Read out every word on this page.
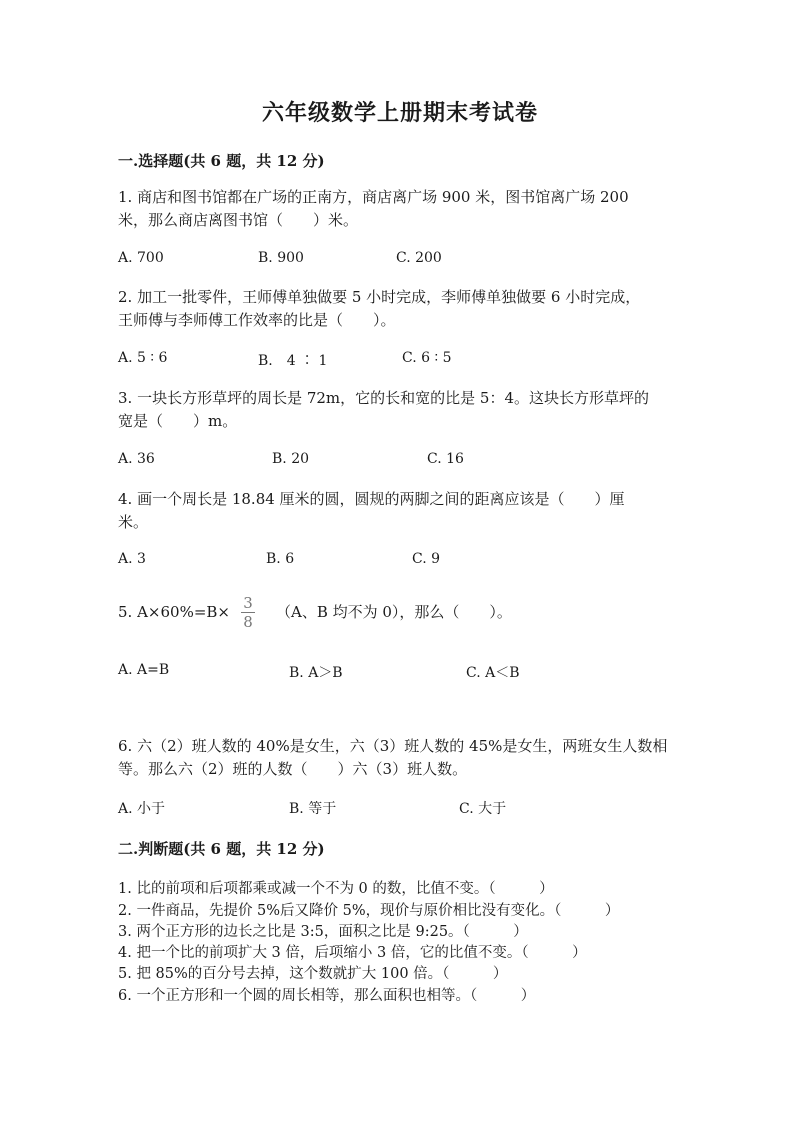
六年级数学上册期末考试卷
一.选择题(共 6 题，共 12 分)
1. 商店和图书馆都在广场的正南方，商店离广场 900 米，图书馆离广场 200
米，那么商店离图书馆（　　）米。
A. 700	B. 900	C. 200
2. 加工一批零件，王师傅单独做要 5 小时完成，李师傅单独做要 6 小时完成，
王师傅与李师傅工作效率的比是（　　）。
A. 5 ∶ 6	B.　4 ∶ 1	C. 6 ∶ 5
3. 一块长方形草坪的周长是 72m，它的长和宽的比是 5：4。这块长方形草坪的
宽是（　　）m。
A. 36	B. 20	C. 16
4. 画一个周长是 18.84 厘米的圆，圆规的两脚之间的距离应该是（　　）厘
米。
A. 3	B. 6	C. 9
5. A×60%=B× 3
8
（A、B 均不为 0），那么（　　）。
A. A=B	B. A＞B	C. A＜B
6. 六（2）班人数的 40%是女生，六（3）班人数的 45%是女生，两班女生人数相
等。那么六（2）班的人数（　　）六（3）班人数。
A. 小于	B. 等于	C. 大于
二.判断题(共 6 题，共 12 分)
1. 比的前项和后项都乘或减一个不为 0 的数，比值不变。（　　　）
2. 一件商品，先提价 5%后又降价 5%，现价与原价相比没有变化。（　　　）
3. 两个正方形的边长之比是 3:5，面积之比是 9:25。（　　　）
4. 把一个比的前项扩大 3 倍，后项缩小 3 倍，它的比值不变。（　　　）
5. 把 85%的百分号去掉，这个数就扩大 100 倍。（　　　）
6. 一个正方形和一个圆的周长相等，那么面积也相等。（　　　）
